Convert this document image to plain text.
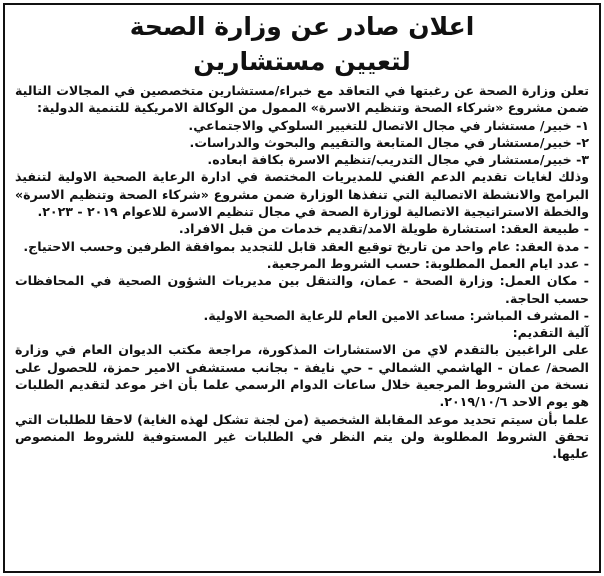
اعلان صادر عن وزارة الصحة
لتعيين مستشارين

تعلن وزارة الصحة عن رغبتها في التعاقد مع خبراء/مستشارين متخصصين في المجالات التالية ضمن مشروع «شركاء الصحة وتنظيم الاسرة» الممول من الوكالة الامريكية للتنمية الدولية:

١- خبير/ مستشار في مجال الاتصال للتغيير السلوكي والاجتماعي.

٢- خبير/مستشار في مجال المتابعة والتقييم والبحوث والدراسات.

٣- خبير/مستشار في مجال التدريب/تنظيم الاسرة بكافة ابعاده.

وذلك لغايات تقديم الدعم الفني للمديريات المختصة في ادارة الرعاية الصحية الاولية لتنفيذ البرامج والانشطة الاتصالية التي تنفذها الوزارة ضمن مشروع «شركاء الصحة وتنظيم الاسرة» والخطة الاستراتيجية الاتصالية لوزارة الصحة في مجال تنظيم الاسرة للاعوام ٢٠١٩ - ٢٠٢٣.

- طبيعة العقد: استشارة طويلة الامد/تقديم خدمات من قبل الافراد.

- مدة العقد: عام واحد من تاريخ توقيع العقد قابل للتجديد بموافقة الطرفين وحسب الاحتياج.

- عدد ايام العمل المطلوبة: حسب الشروط المرجعية.

- مكان العمل: وزارة الصحة - عمان، والتنقل بين مديريات الشؤون الصحية في المحافظات حسب الحاجة.

- المشرف المباشر: مساعد الامين العام للرعاية الصحية الاولية.

آلية التقديم:

على الراغبين بالتقدم لاي من الاستشارات المذكورة، مراجعة مكتب الديوان العام في وزارة الصحة/ عمان - الهاشمي الشمالي - حي نايفة - بجانب مستشفى الامير حمزة، للحصول على نسخة من الشروط المرجعية خلال ساعات الدوام الرسمي علما بأن اخر موعد لتقديم الطلبات هو يوم الاحد ٢٠١٩/١٠/٦.

علما بأن سيتم تحديد موعد المقابلة الشخصية (من لجنة تشكل لهذه الغاية) لاحقا للطلبات التي تحقق الشروط المطلوبة ولن يتم النظر في الطلبات غير المستوفية للشروط المنصوص عليها.
